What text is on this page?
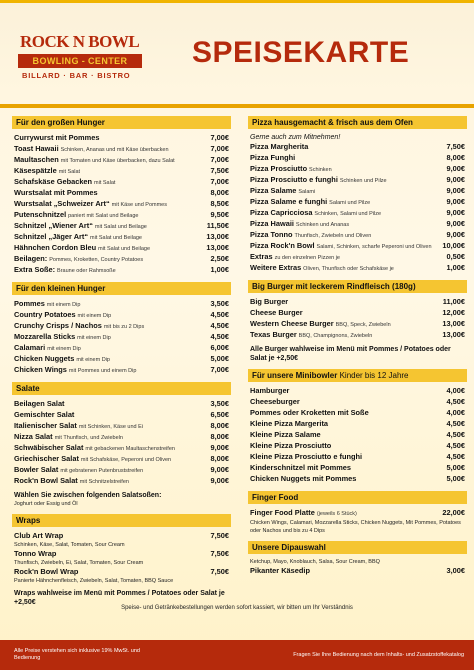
ROCK N BOWL
BOWLING - CENTER
BILLARD · BAR · BISTRO
SPEISEKARTE
Für den großen Hunger
Currywurst mit Pommes	7,00€
Toast Hawaii Schinken, Ananas und mit Käse überbacken	7,00€
Maultaschen mit Tomaten und Käse überbacken, dazu Salat	7,00€
Käsespätzle mit Salat	7,50€
Schafskäse Gebacken mit Salat	7,00€
Wurstsalat mit Pommes	8,00€
Wurstsalat „Schweizer Art“ mit Käse und Pommes	8,50€
Putenschnitzel paniert mit Salat und Beilage	9,50€
Schnitzel „Wiener Art“ mit Salat und Beilage	11,50€
Schnitzel „Jäger Art“ mit Salat und Beilage	13,00€
Hähnchen Cordon Bleu mit Salat und Beilage	13,00€
Beilagen: Pommes, Kroketten, Country Potatoes	2,50€
Extra Soße: Braune oder Rahmsoße	1,00€
Für den kleinen Hunger
Pommes mit einem Dip	3,50€
Country Potatoes mit einem Dip	4,50€
Crunchy Crisps / Nachos mit bis zu 2 Dips	4,50€
Mozzarella Sticks mit einem Dip	4,50€
Calamari mit einem Dip	6,00€
Chicken Nuggets mit einem Dip	5,00€
Chicken Wings mit Pommes und einem Dip	7,00€
Salate
Beilagen Salat	3,50€
Gemischter Salat	6,50€
Italienischer Salat mit Schinken, Käse und Ei	8,00€
Nizza Salat mit Thunfisch, und Zwiebeln	8,00€
Schwäbischer Salat mit gebackenen Maultaschenstreifen	9,00€
Griechischer Salat mit Schafskäse, Peperoni und Oliven	8,00€
Bowler Salat mit gebratenen Putenbruststreifen	9,00€
Rock'n Bowl Salat mit Schnitzelstreifen	9,00€
Wählen Sie zwischen folgenden Salatsoßen:
Joghurt oder Essig und Öl
Wraps
Club Art Wrap	7,50€
Schinken, Käse, Salat, Tomaten, Sour Cream
Tonno Wrap	7,50€
Thunfisch, Zwiebeln, Ei, Salat, Tomaten, Sour Cream
Rock'n Bowl Wrap	7,50€
Panierte Hähnchenfleisch, Zwiebeln, Salat, Tomaten, BBQ Sauce
Wraps wahlweise im Menü mit Pommes / Potatoes oder Salat je +2,50€
Pizza hausgemacht & frisch aus dem Ofen
Gerne auch zum Mitnehmen!
Pizza Margherita	7,50€
Pizza Funghi	8,00€
Pizza Prosciutto Schinken	9,00€
Pizza Prosciutto e funghi Schinken und Pilze	9,00€
Pizza Salame Salami	9,00€
Pizza Salame e funghi Salami und Pilze	9,00€
Pizza Capricciosa Schinken, Salami und Pilze	9,00€
Pizza Hawaii Schinken und Ananas	9,00€
Pizza Tonno Thunfisch, Zwiebeln und Oliven	9,00€
Pizza Rock'n Bowl Salami, Schinken, scharfe Peperoni und Oliven 10,00€
Extras zu den einzelnen Pizzen je	0,50€
Weitere Extras Oliven, Thunfisch oder Schafskäse je	1,00€
Big Burger mit leckerem Rindfleisch (180g)
Big Burger	11,00€
Cheese Burger	12,00€
Western Cheese Burger BBQ, Speck, Zwiebeln	13,00€
Texas Burger BBQ, Champignons, Zwiebeln	13,00€
Alle Burger wahlweise im Menü mit Pommes / Potatoes oder Salat je +2,50€
Für unsere Minibowler Kinder bis 12 Jahre
Hamburger	4,00€
Cheeseburger	4,50€
Pommes oder Kroketten mit Soße	4,00€
Kleine Pizza Margerita	4,50€
Kleine Pizza Salame	4,50€
Kleine Pizza Prosciutto	4,50€
Kleine Pizza Prosciutto e funghi	4,50€
Kinderschnitzel mit Pommes	5,00€
Chicken Nuggets mit Pommes	5,00€
Finger Food
Finger Food Platte (jeweils 6 Stück)	22,00€
Chicken Wings, Calamari, Mozzarella Sticks, Chicken Nuggets, Mit Pommes, Potatoes oder Nachos und bis zu 4 Dips
Unsere Dipauswahl
Ketchup, Mayo, Knoblauch, Salsa, Sour Cream, BBQ
Pikanter Käsedip	3,00€
Speise- und Getränkebestellungen werden sofort kassiert, wir bitten um Ihr Verständnis
Alle Preise verstehen sich inklusive 19% MwSt. und Bedienung	Fragen Sie Ihre Bedienung nach dem Inhalts- und Zusatzstoffekatalog
